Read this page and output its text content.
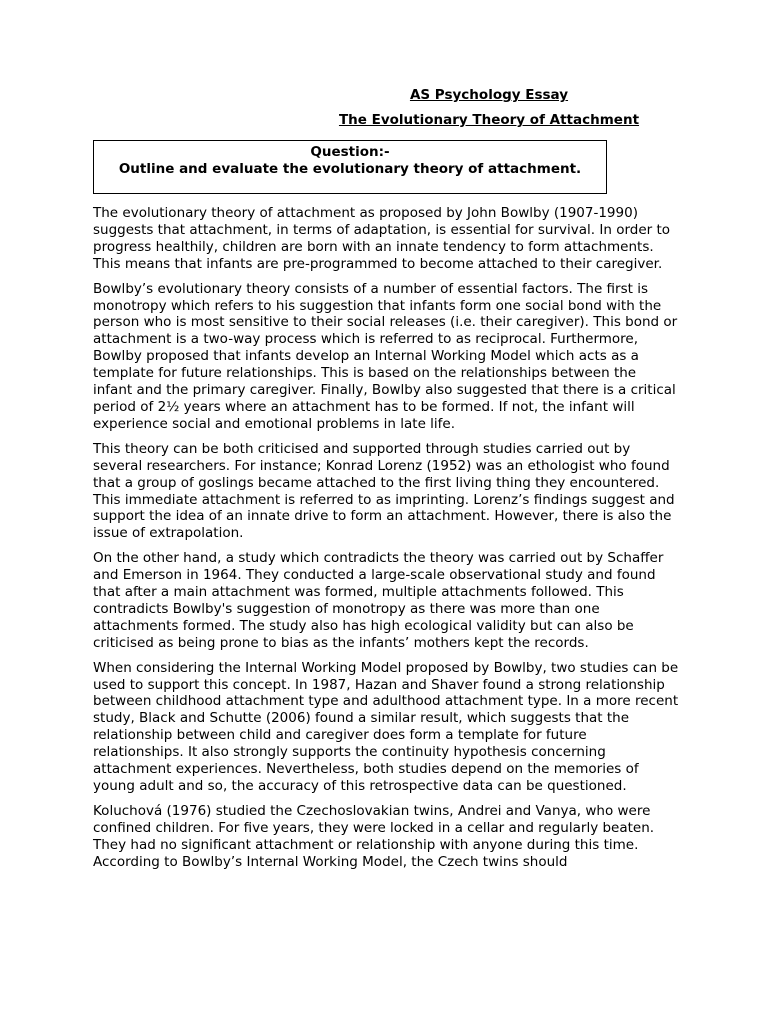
AS Psychology Essay
The Evolutionary Theory of Attachment
Question:-
Outline and evaluate the evolutionary theory of attachment.

The evolutionary theory of attachment as proposed by John Bowlby (1907-1990) suggests that attachment, in terms of adaptation, is essential for survival. In order to progress healthily, children are born with an innate tendency to form attachments. This means that infants are pre-programmed to become attached to their caregiver.

Bowlby’s evolutionary theory consists of a number of essential factors. The first is monotropy which refers to his suggestion that infants form one social bond with the person who is most sensitive to their social releases (i.e. their caregiver). This bond or attachment is a two-way process which is referred to as reciprocal. Furthermore, Bowlby proposed that infants develop an Internal Working Model which acts as a template for future relationships. This is based on the relationships between the infant and the primary caregiver. Finally, Bowlby also suggested that there is a critical period of 2½ years where an attachment has to be formed. If not, the infant will experience social and emotional problems in late life.

This theory can be both criticised and supported through studies carried out by several researchers. For instance; Konrad Lorenz (1952) was an ethologist who found that a group of goslings became attached to the first living thing they encountered. This immediate attachment is referred to as imprinting. Lorenz’s findings suggest and support the idea of an innate drive to form an attachment. However, there is also the issue of extrapolation.

On the other hand, a study which contradicts the theory was carried out by Schaffer and Emerson in 1964. They conducted a large-scale observational study and found that after a main attachment was formed, multiple attachments followed. This contradicts Bowlby's suggestion of monotropy as there was more than one attachments formed. The study also has high ecological validity but can also be criticised as being prone to bias as the infants’ mothers kept the records.

When considering the Internal Working Model proposed by Bowlby, two studies can be used to support this concept. In 1987, Hazan and Shaver found a strong relationship between childhood attachment type and adulthood attachment type. In a more recent study, Black and Schutte (2006) found a similar result, which suggests that the relationship between child and caregiver does form a template for future relationships. It also strongly supports the continuity hypothesis concerning attachment experiences. Nevertheless, both studies depend on the memories of young adult and so, the accuracy of this retrospective data can be questioned.

Koluchová (1976) studied the Czechoslovakian twins, Andrei and Vanya, who were confined children. For five years, they were locked in a cellar and regularly beaten. They had no significant attachment or relationship with anyone during this time. According to Bowlby’s Internal Working Model, the Czech twins should
